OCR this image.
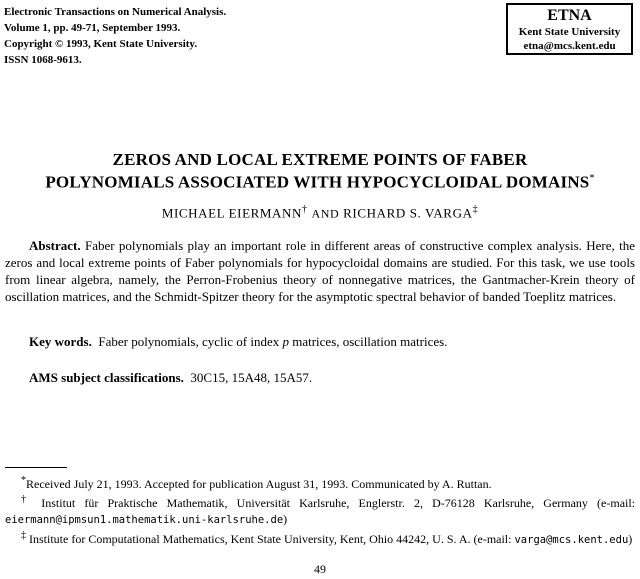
Electronic Transactions on Numerical Analysis.
Volume 1, pp. 49-71, September 1993.
Copyright © 1993, Kent State University.
ISSN 1068-9613.
ETNA
Kent State University
etna@mcs.kent.edu
ZEROS AND LOCAL EXTREME POINTS OF FABER
POLYNOMIALS ASSOCIATED WITH HYPOCYCLOIDAL DOMAINS*
MICHAEL EIERMANN† AND RICHARD S. VARGA‡
Abstract. Faber polynomials play an important role in different areas of constructive complex analysis. Here, the zeros and local extreme points of Faber polynomials for hypocycloidal domains are studied. For this task, we use tools from linear algebra, namely, the Perron-Frobenius theory of nonnegative matrices, the Gantmacher-Krein theory of oscillation matrices, and the Schmidt-Spitzer theory for the asymptotic spectral behavior of banded Toeplitz matrices.
Key words. Faber polynomials, cyclic of index p matrices, oscillation matrices.
AMS subject classifications. 30C15, 15A48, 15A57.
*Received July 21, 1993. Accepted for publication August 31, 1993. Communicated by A. Ruttan.
† Institut für Praktische Mathematik, Universität Karlsruhe, Englerstr. 2, D-76128 Karlsruhe, Germany (e-mail: eiermann@ipmsun1.mathematik.uni-karlsruhe.de)
‡ Institute for Computational Mathematics, Kent State University, Kent, Ohio 44242, U. S. A. (e-mail: varga@mcs.kent.edu)
49
